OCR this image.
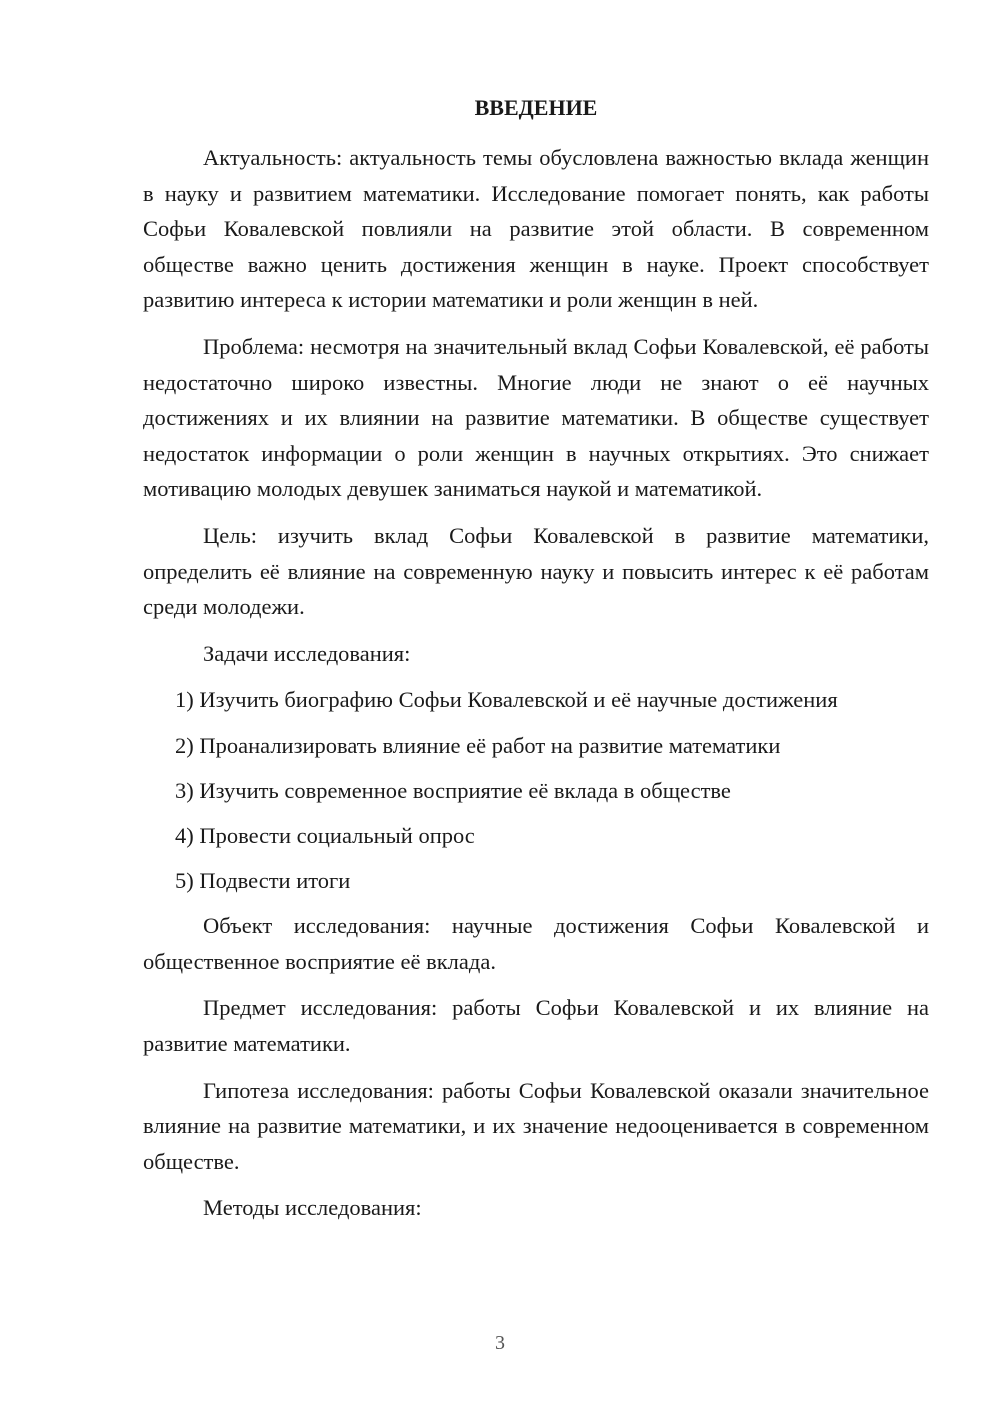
ВВЕДЕНИЕ

Актуальность: актуальность темы обусловлена важностью вклада женщин в науку и развитием математики. Исследование помогает понять, как работы Софьи Ковалевской повлияли на развитие этой области. В современном обществе важно ценить достижения женщин в науке. Проект способствует развитию интереса к истории математики и роли женщин в ней.

Проблема: несмотря на значительный вклад Софьи Ковалевской, её работы недостаточно широко известны. Многие люди не знают о её научных достижениях и их влиянии на развитие математики. В обществе существует недостаток информации о роли женщин в научных открытиях. Это снижает мотивацию молодых девушек заниматься наукой и математикой.

Цель: изучить вклад Софьи Ковалевской в развитие математики, определить её влияние на современную науку и повысить интерес к её работам среди молодежи.

Задачи исследования:

1) Изучить биографию Софьи Ковалевской и её научные достижения
2) Проанализировать влияние её работ на развитие математики
3) Изучить современное восприятие её вклада в обществе
4) Провести социальный опрос
5) Подвести итоги

Объект исследования: научные достижения Софьи Ковалевской и общественное восприятие её вклада.

Предмет исследования: работы Софьи Ковалевской и их влияние на развитие математики.

Гипотеза исследования: работы Софьи Ковалевской оказали значительное влияние на развитие математики, и их значение недооценивается в современном обществе.

Методы исследования:

3
